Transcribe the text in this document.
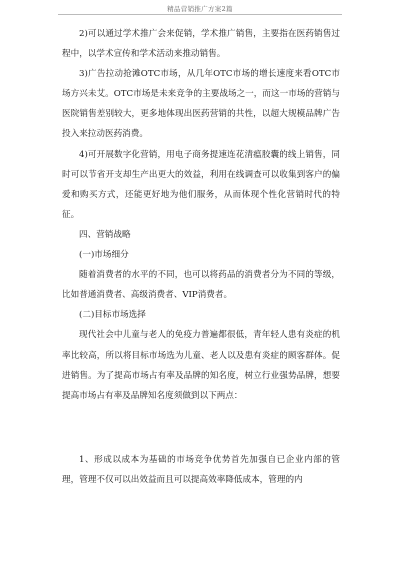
精品营销推广方案2篇

2)可以通过学术推广会来促销，学术推广销售，主要指在医药销售过程中，以学术宣传和学术活动来推动销售。

3)广告拉动抢滩OTC市场，从几年OTC市场的增长速度来看OTC市场方兴未艾。OTC市场是未来竞争的主要战场之一，而这一市场的营销与医院销售差别较大，更多地体现出医药营销的共性，以超大规模品牌广告投入来拉动医药消费。

4)可开展数字化营销，用电子商务提速连花清瘟胶囊的线上销售，同时可以节省开支却生产出更大的效益，利用在线调查可以收集到客户的偏爱和购买方式，还能更好地为他们服务，从而体现个性化营销时代的特征。

四、营销战略

(一)市场细分

随着消费者的水平的不同，也可以将药品的消费者分为不同的等级，比如普通消费者、高级消费者、VIP消费者。

(二)目标市场选择

现代社会中儿童与老人的免疫力普遍都很低，青年轻人患有炎症的机率比较高，所以将目标市场选为儿童、老人以及患有炎症的顾客群体。促进销售。为了提高市场占有率及品牌的知名度，树立行业强势品牌，想要提高市场占有率及品牌知名度须做到以下两点：

1、形成以成本为基础的市场竞争优势首先加强自已企业内部的管理，管理不仅可以出效益而且可以提高效率降低成本，管理的内
